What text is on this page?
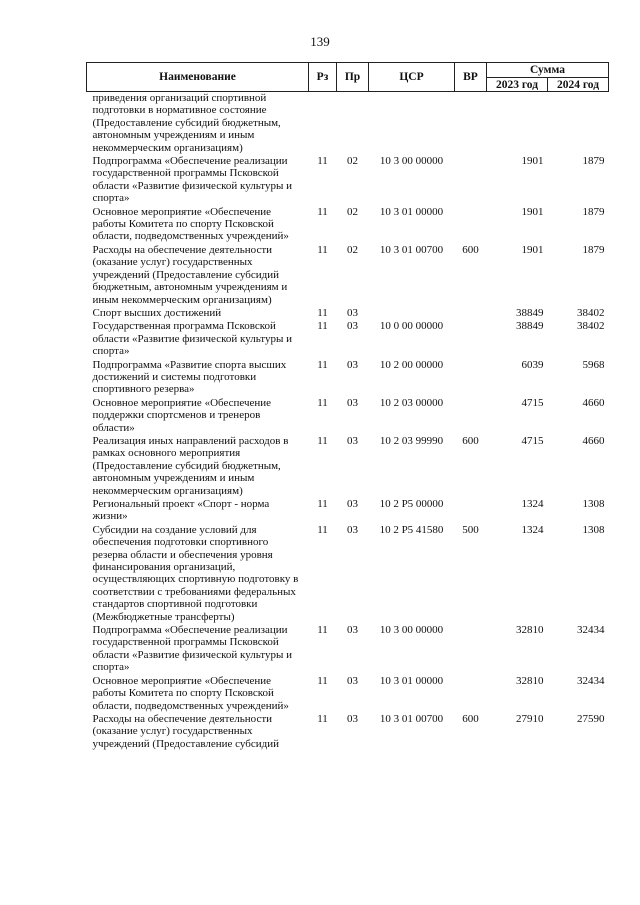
139
Наименование	Рз	Пр	ЦСР	ВР	Сумма	
					2023 год	2024 год
приведения организаций спортивной подготовки в нормативное состояние (Предоставление субсидий бюджетным, автономным учреждениям и иным некоммерческим организациям)						
Подпрограмма «Обеспечение реализации государственной программы Псковской области «Развитие физической культуры и спорта»	11	02	10 3 00 00000		1901	1879
Основное мероприятие «Обеспечение работы Комитета по спорту Псковской области, подведомственных учреждений»	11	02	10 3 01 00000		1901	1879
Расходы на обеспечение деятельности (оказание услуг) государственных учреждений (Предоставление субсидий бюджетным, автономным учреждениям и иным некоммерческим организациям)	11	02	10 3 01 00700	600	1901	1879
Спорт высших достижений	11	03			38849	38402
Государственная программа Псковской области «Развитие физической культуры и спорта»	11	03	10 0 00 00000		38849	38402
Подпрограмма «Развитие спорта высших достижений и системы подготовки спортивного резерва»	11	03	10 2 00 00000		6039	5968
Основное мероприятие «Обеспечение поддержки спортсменов и тренеров области»	11	03	10 2 03 00000		4715	4660
Реализация иных направлений расходов в рамках основного мероприятия (Предоставление субсидий бюджетным, автономным учреждениям и иным некоммерческим организациям)	11	03	10 2 03 99990	600	4715	4660
Региональный проект «Спорт - норма жизни»	11	03	10 2 P5 00000		1324	1308
Субсидии на создание условий для обеспечения подготовки спортивного резерва области и обеспечения уровня финансирования организаций, осуществляющих спортивную подготовку в соответствии с требованиями федеральных стандартов спортивной подготовки (Межбюджетные трансферты)	11	03	10 2 P5 41580	500	1324	1308
Подпрограмма «Обеспечение реализации государственной программы Псковской области «Развитие физической культуры и спорта»	11	03	10 3 00 00000		32810	32434
Основное мероприятие «Обеспечение работы Комитета по спорту Псковской области, подведомственных учреждений»	11	03	10 3 01 00000		32810	32434
Расходы на обеспечение деятельности (оказание услуг) государственных учреждений (Предоставление субсидий	11	03	10 3 01 00700	600	27910	27590
